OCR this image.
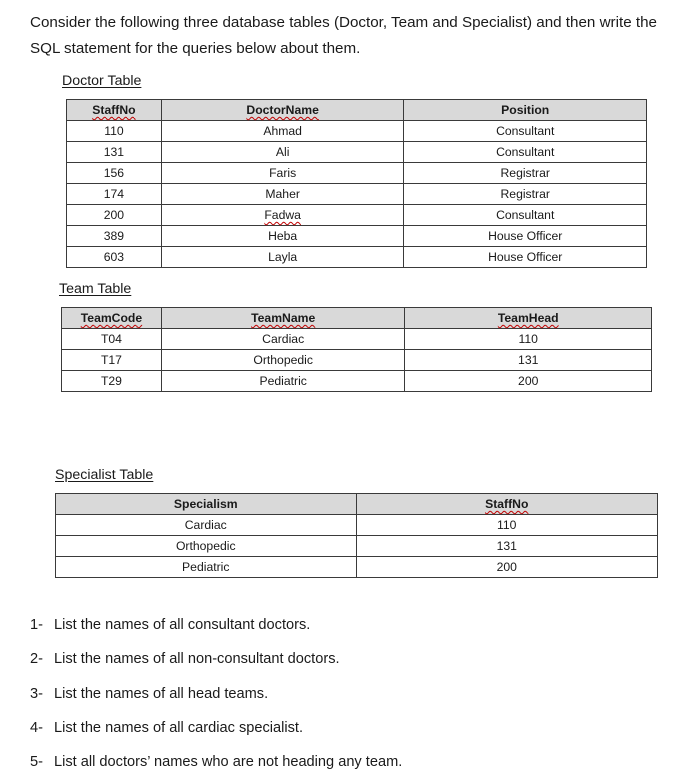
Consider the following three database tables (Doctor, Team and Specialist) and then write the SQL statement for the queries below about them.

Doctor Table

StaffNo	DoctorName	Position
110	Ahmad	Consultant
131	Ali	Consultant
156	Faris	Registrar
174	Maher	Registrar
200	Fadwa	Consultant
389	Heba	House Officer
603	Layla	House Officer

Team Table

TeamCode	TeamName	TeamHead
T04	Cardiac	110
T17	Orthopedic	131
T29	Pediatric	200

Specialist Table

Specialism	StaffNo
Cardiac	110
Orthopedic	131
Pediatric	200
1- List the names of all consultant doctors.
2- List the names of all non-consultant doctors.
3- List the names of all head teams.
4- List the names of all cardiac specialist.
5- List all doctors’ names who are not heading any team.
